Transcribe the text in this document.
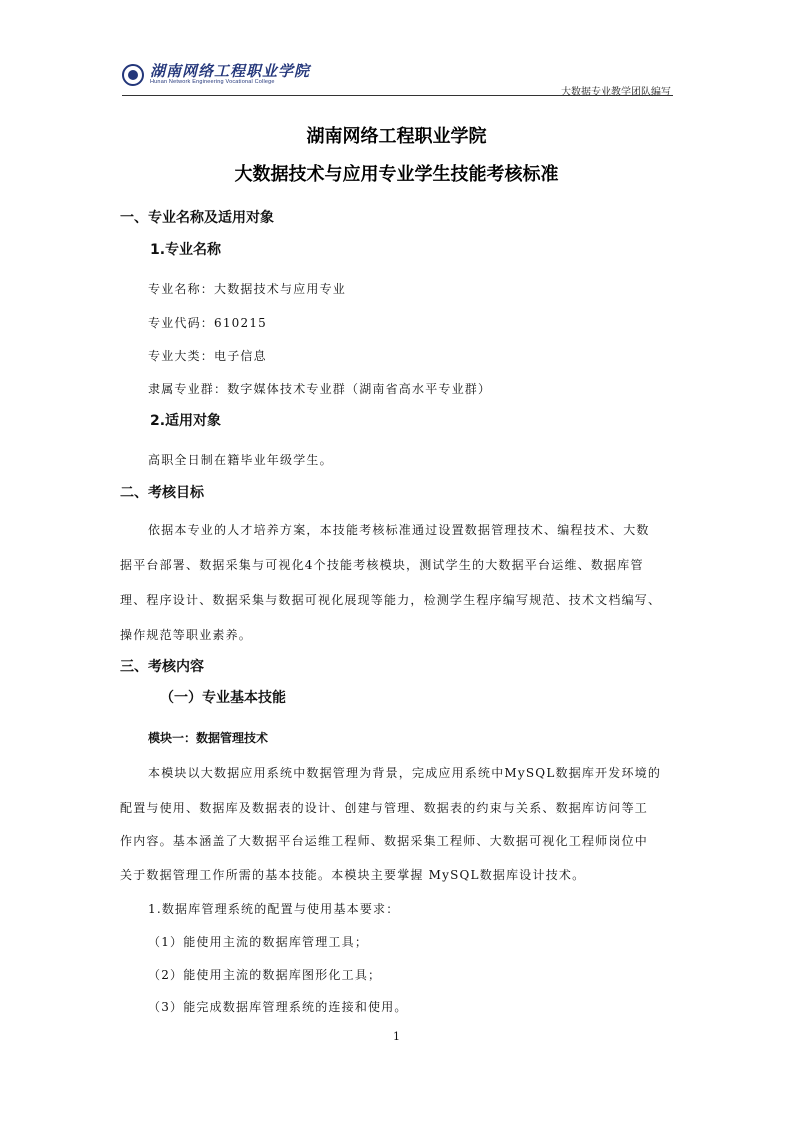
湖南网络工程职业学院
Hunan Network Engineering Vocational College
大数据专业教学团队编写
湖南网络工程职业学院
大数据技术与应用专业学生技能考核标准
一、专业名称及适用对象
1.专业名称
专业名称：大数据技术与应用专业
专业代码：610215
专业大类：电子信息
隶属专业群：数字媒体技术专业群（湖南省高水平专业群）
2.适用对象
高职全日制在籍毕业年级学生。
二、考核目标
依据本专业的人才培养方案，本技能考核标准通过设置数据管理技术、编程技术、大数
据平台部署、数据采集与可视化4个技能考核模块，测试学生的大数据平台运维、数据库管
理、程序设计、数据采集与数据可视化展现等能力，检测学生程序编写规范、技术文档编写、
操作规范等职业素养。
三、考核内容
（一）专业基本技能
模块一：数据管理技术
本模块以大数据应用系统中数据管理为背景，完成应用系统中MySQL数据库开发环境的
配置与使用、数据库及数据表的设计、创建与管理、数据表的约束与关系、数据库访问等工
作内容。基本涵盖了大数据平台运维工程师、数据采集工程师、大数据可视化工程师岗位中
关于数据管理工作所需的基本技能。本模块主要掌握 MySQL数据库设计技术。
1.数据库管理系统的配置与使用基本要求：
（1）能使用主流的数据库管理工具；
（2）能使用主流的数据库图形化工具；
（3）能完成数据库管理系统的连接和使用。
1
